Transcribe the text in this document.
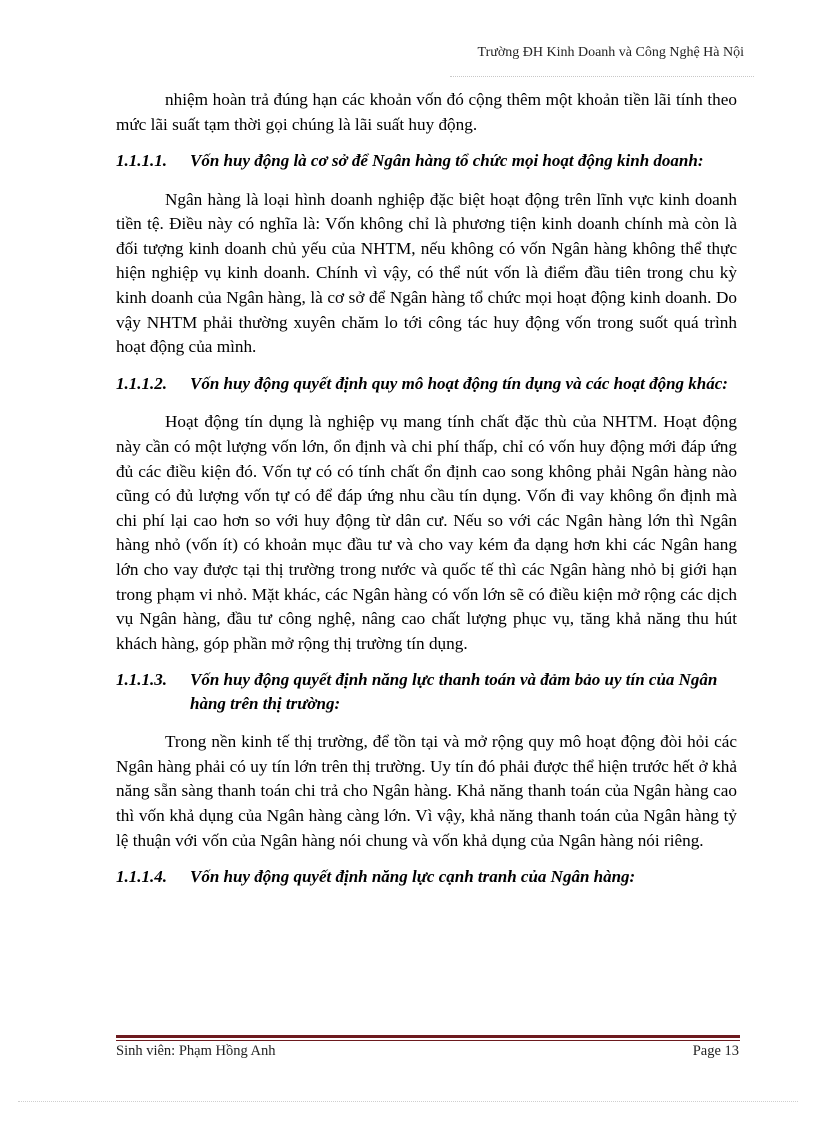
Trường ĐH Kinh Doanh và Công Nghệ Hà Nội

nhiệm hoàn trả đúng hạn các khoản vốn đó cộng thêm một khoản tiền lãi tính theo mức lãi suất tạm thời gọi chúng là lãi suất huy động.

1.1.1.1. Vốn huy động là cơ sở để Ngân hàng tổ chức mọi hoạt động kinh doanh:

Ngân hàng là loại hình doanh nghiệp đặc biệt hoạt động trên lĩnh vực kinh doanh tiền tệ. Điều này có nghĩa là: Vốn không chỉ là phương tiện kinh doanh chính mà còn là đối tượng kinh doanh chủ yếu của NHTM, nếu không có vốn Ngân hàng không thể thực hiện nghiệp vụ kinh doanh. Chính vì vậy, có thể nút vốn là điểm đầu tiên trong chu kỳ kinh doanh của Ngân hàng, là cơ sở để Ngân hàng tổ chức mọi hoạt động kinh doanh. Do vậy NHTM phải thường xuyên chăm lo tới công tác huy động vốn trong suốt quá trình hoạt động của mình.

1.1.1.2. Vốn huy động quyết định quy mô hoạt động tín dụng và các hoạt động khác:

Hoạt động tín dụng là nghiệp vụ mang tính chất đặc thù của NHTM. Hoạt động này cần có một lượng vốn lớn, ổn định và chi phí thấp, chỉ có vốn huy động mới đáp ứng đủ các điều kiện đó. Vốn tự có có tính chất ổn định cao song không phải Ngân hàng nào cũng có đủ lượng vốn tự có để đáp ứng nhu cầu tín dụng. Vốn đi vay không ổn định mà chi phí lại cao hơn so với huy động từ dân cư. Nếu so với các Ngân hàng lớn thì Ngân hàng nhỏ (vốn ít) có khoản mục đầu tư và cho vay kém đa dạng hơn khi các Ngân hang lớn cho vay được tại thị trường trong nước và quốc tế thì các Ngân hàng nhỏ bị giới hạn trong phạm vi nhỏ. Mặt khác, các Ngân hàng có vốn lớn sẽ có điều kiện mở rộng các dịch vụ Ngân hàng, đầu tư công nghệ, nâng cao chất lượng phục vụ, tăng khả năng thu hút khách hàng, góp phần mở rộng thị trường tín dụng.

1.1.1.3. Vốn huy động quyết định năng lực thanh toán và đảm bảo uy tín của Ngân hàng trên thị trường:

Trong nền kinh tế thị trường, để tồn tại và mở rộng quy mô hoạt động đòi hỏi các Ngân hàng phải có uy tín lớn trên thị trường. Uy tín đó phải được thể hiện trước hết ở khả năng sẵn sàng thanh toán chi trả cho Ngân hàng. Khả năng thanh toán của Ngân hàng cao thì vốn khả dụng của Ngân hàng càng lớn. Vì vậy, khả năng thanh toán của Ngân hàng tỷ lệ thuận với vốn của Ngân hàng nói chung và vốn khả dụng của Ngân hàng nói riêng.

1.1.1.4. Vốn huy động quyết định năng lực cạnh tranh của Ngân hàng:
Sinh viên: Phạm Hồng Anh	Page 13
